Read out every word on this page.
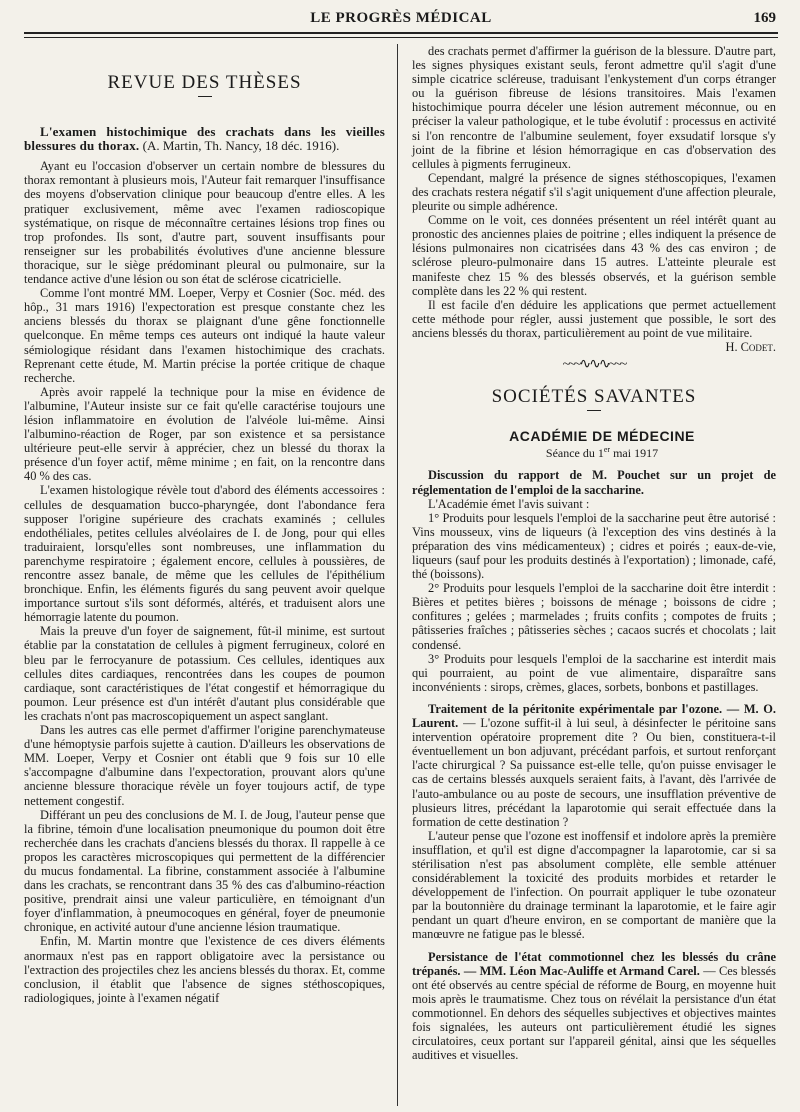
LE PROGRÈS MÉDICAL	169
REVUE DES THÈSES

L'examen histochimique des crachats dans les vieilles blessures du thorax. (A. Martin, Th. Nancy, 18 déc. 1916).

Ayant eu l'occasion d'observer un certain nombre de blessures du thorax remontant à plusieurs mois, l'Auteur fait remarquer l'insuffisance des moyens d'observation clinique pour beaucoup d'entre elles. A les pratiquer exclusivement, même avec l'examen radioscopique systématique, on risque de méconnaître certaines lésions trop fines ou trop profondes. Ils sont, d'autre part, souvent insuffisants pour renseigner sur les probabilités évolutives d'une ancienne blessure thoracique, sur le siège prédominant pleural ou pulmonaire, sur la tendance active d'une lésion ou son état de sclérose cicatricielle.

Comme l'ont montré MM. Loeper, Verpy et Cosnier (Soc. méd. des hôp., 31 mars 1916) l'expectoration est presque constante chez les anciens blessés du thorax se plaignant d'une gêne fonctionnelle quelconque. En même temps ces auteurs ont indiqué la haute valeur sémiologique résidant dans l'examen histochimique des crachats. Reprenant cette étude, M. Martin précise la portée critique de chaque recherche.

Après avoir rappelé la technique pour la mise en évidence de l'albumine, l'Auteur insiste sur ce fait qu'elle caractérise toujours une lésion inflammatoire en évolution de l'alvéole lui-même. Ainsi l'albumino-réaction de Roger, par son existence et sa persistance ultérieure peut-elle servir à apprécier, chez un blessé du thorax la présence d'un foyer actif, même minime ; en fait, on la rencontre dans 40 % des cas.

L'examen histologique révèle tout d'abord des éléments accessoires : cellules de desquamation bucco-pharyngée, dont l'abondance fera supposer l'origine supérieure des crachats examinés ; cellules endothéliales, petites cellules alvéolaires de I. de Jong, pour qui elles traduiraient, lorsqu'elles sont nombreuses, une inflammation du parenchyme respiratoire ; également encore, cellules à poussières, de rencontre assez banale, de même que les cellules de l'épithélium bronchique. Enfin, les éléments figurés du sang peuvent avoir quelque importance surtout s'ils sont déformés, altérés, et traduisent alors une hémorragie latente du poumon.

Mais la preuve d'un foyer de saignement, fût-il minime, est surtout établie par la constatation de cellules à pigment ferrugineux, coloré en bleu par le ferrocyanure de potassium. Ces cellules, identiques aux cellules dites cardiaques, rencontrées dans les coupes de poumon cardiaque, sont caractéristiques de l'état congestif et hémorragique du poumon. Leur présence est d'un intérêt d'autant plus considérable que les crachats n'ont pas macroscopiquement un aspect sanglant.

Dans les autres cas elle permet d'affirmer l'origine parenchymateuse d'une hémoptysie parfois sujette à caution. D'ailleurs les observations de MM. Loeper, Verpy et Cosnier ont établi que 9 fois sur 10 elle s'accompagne d'albumine dans l'expectoration, prouvant alors qu'une ancienne blessure thoracique révèle un foyer toujours actif, de type nettement congestif.

Différant un peu des conclusions de M. I. de Joug, l'auteur pense que la fibrine, témoin d'une localisation pneumonique du poumon doit être recherchée dans les crachats d'anciens blessés du thorax. Il rappelle à ce propos les caractères microscopiques qui permettent de la différencier du mucus fondamental. La fibrine, constamment associée à l'albumine dans les crachats, se rencontrant dans 35 % des cas d'albumino-réaction positive, prendrait ainsi une valeur particulière, en témoignant d'un foyer d'inflammation, à pneumocoques en général, foyer de pneumonie chronique, en activité autour d'une ancienne lésion traumatique.

Enfin, M. Martin montre que l'existence de ces divers éléments anormaux n'est pas en rapport obligatoire avec la persistance ou l'extraction des projectiles chez les anciens blessés du thorax. Et, comme conclusion, il établit que l'absence de signes stéthoscopiques, radiologiques, jointe à l'examen négatif

des crachats permet d'affirmer la guérison de la blessure. D'autre part, les signes physiques existant seuls, feront admettre qu'il s'agit d'une simple cicatrice scléreuse, traduisant l'enkystement d'un corps étranger ou la guérison fibreuse de lésions transitoires. Mais l'examen histochimique pourra déceler une lésion autrement méconnue, ou en préciser la valeur pathologique, et le tube évolutif : processus en activité si l'on rencontre de l'albumine seulement, foyer exsudatif lorsque s'y joint de la fibrine et lésion hémorragique en cas d'observation des cellules à pigments ferrugineux.

Cependant, malgré la présence de signes stéthoscopiques, l'examen des crachats restera négatif s'il s'agit uniquement d'une affection pleurale, pleurite ou simple adhérence.

Comme on le voit, ces données présentent un réel intérêt quant au pronostic des anciennes plaies de poitrine ; elles indiquent la présence de lésions pulmonaires non cicatrisées dans 43 % des cas environ ; de sclérose pleuro-pulmonaire dans 15 autres. L'atteinte pleurale est manifeste chez 15 % des blessés observés, et la guérison semble complète dans les 22 % qui restent.

Il est facile d'en déduire les applications que permet actuellement cette méthode pour régler, aussi justement que possible, le sort des anciens blessés du thorax, particulièrement au point de vue militaire.

H. Codet.

~~~∿∿∿~~~
SOCIÉTÉS SAVANTES

ACADÉMIE DE MÉDECINE

Séance du 1er mai 1917

Discussion du rapport de M. Pouchet sur un projet de réglementation de l'emploi de la saccharine.

L'Académie émet l'avis suivant :

1° Produits pour lesquels l'emploi de la saccharine peut être autorisé : Vins mousseux, vins de liqueurs (à l'exception des vins destinés à la préparation des vins médicamenteux) ; cidres et poirés ; eaux-de-vie, liqueurs (sauf pour les produits destinés à l'exportation) ; limonade, café, thé (boissons).

2° Produits pour lesquels l'emploi de la saccharine doit être interdit : Bières et petites bières ; boissons de ménage ; boissons de cidre ; confitures ; gelées ; marmelades ; fruits confits ; compotes de fruits ; pâtisseries fraîches ; pâtisseries sèches ; cacaos sucrés et chocolats ; lait condensé.

3° Produits pour lesquels l'emploi de la saccharine est interdit mais qui pourraient, au point de vue alimentaire, disparaître sans inconvénients : sirops, crèmes, glaces, sorbets, bonbons et pastillages.

Traitement de la péritonite expérimentale par l'ozone. — M. O. Laurent. — L'ozone suffit-il à lui seul, à désinfecter le péritoine sans intervention opératoire proprement dite ? Ou bien, constituera-t-il éventuellement un bon adjuvant, précédant parfois, et surtout renforçant l'acte chirurgical ? Sa puissance est-elle telle, qu'on puisse envisager le cas de certains blessés auxquels seraient faits, à l'avant, dès l'arrivée de l'auto-ambulance ou au poste de secours, une insufflation préventive de plusieurs litres, précédant la laparotomie qui serait effectuée dans la formation de cette destination ?

L'auteur pense que l'ozone est inoffensif et indolore après la première insufflation, et qu'il est digne d'accompagner la laparotomie, car si sa stérilisation n'est pas absolument complète, elle semble atténuer considérablement la toxicité des produits morbides et retarder le développement de l'infection. On pourrait appliquer le tube ozonateur par la boutonnière du drainage terminant la laparotomie, et le faire agir pendant un quart d'heure environ, en se comportant de manière que la manœuvre ne fatigue pas le blessé.

Persistance de l'état commotionnel chez les blessés du crâne trépanés. — MM. Léon Mac-Auliffe et Armand Carel. — Ces blessés ont été observés au centre spécial de réforme de Bourg, en moyenne huit mois après le traumatisme. Chez tous on révélait la persistance d'un état commotionnel. En dehors des séquelles subjectives et objectives maintes fois signalées, les auteurs ont particulièrement étudié les signes circulatoires, ceux portant sur l'appareil génital, ainsi que les séquelles auditives et visuelles.
